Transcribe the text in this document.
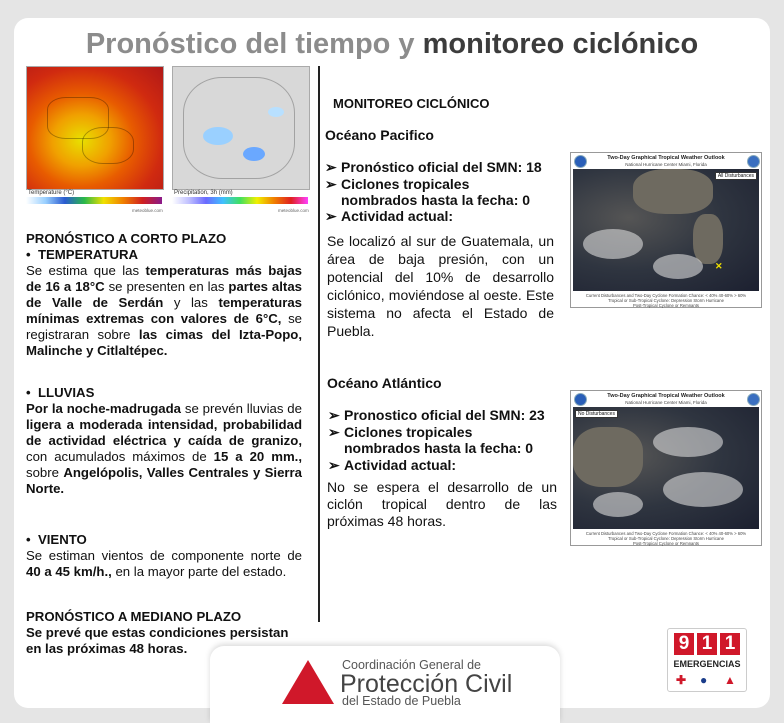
Pronóstico del tiempo y monitoreo ciclónico
Temperature (°C)	Precipitation, 3h (mm)
meteoblue.com	meteoblue.com
PRONÓSTICO A CORTO PLAZO
•  TEMPERATURA
Se estima que las temperaturas más bajas de 16 a 18°C se presenten en las partes altas de Valle de Serdán y las temperaturas mínimas extremas con valores de 6°C, se registraran sobre las cimas del Izta-Popo, Malinche y Citlaltépec.
•  LLUVIAS
Por la noche-madrugada se prevén lluvias de ligera a moderada intensidad, probabilidad de actividad eléctrica y caída de granizo, con acumulados máximos de 15 a 20 mm., sobre Angelópolis, Valles Centrales y Sierra Norte.
•  VIENTO
Se estiman vientos de componente norte de 40 a 45 km/h., en la mayor parte del estado.
PRONÓSTICO A MEDIANO PLAZO
Se prevé que estas condiciones persistan en las próximas 48 horas.
MONITOREO CICLÓNICO
Océano Pacifico
➢ Pronóstico oficial del SMN: 18
➢ Ciclones tropicales
nombrados hasta la fecha: 0
➢ Actividad actual:
Se localizó al sur de Guatemala, un área de baja presión, con un potencial del 10% de desarrollo ciclónico, moviéndose al oeste. Este sistema no afecta el Estado de Puebla.
Two-Day Graphical Tropical Weather Outlook
National Hurricane Center Miami, Florida
✕
All Disturbances
Current Disturbances and Two-Day Cyclone Formation Chance: < 40% 40-60% > 60%
Tropical or Sub-Tropical Cyclone: Depression Storm Hurricane
Post-Tropical Cyclone or Remnants
Océano Atlántico
➢ Pronostico oficial del SMN: 23
➢ Ciclones tropicales
nombrados hasta la fecha: 0
➢ Actividad actual:
No se espera el desarrollo de un ciclón tropical dentro de las próximas 48 horas.
Two-Day Graphical Tropical Weather Outlook
National Hurricane Center Miami, Florida
No Disturbances
Current Disturbances and Two-Day Cyclone Formation Chance: < 40% 40-60% > 60%
Tropical or Sub-Tropical Cyclone: Depression Storm Hurricane
Post-Tropical Cyclone or Remnants
Coordinación General de
Protección Civil
del Estado de Puebla
9 1 1
EMERGENCIAS
✚ ● ▲
